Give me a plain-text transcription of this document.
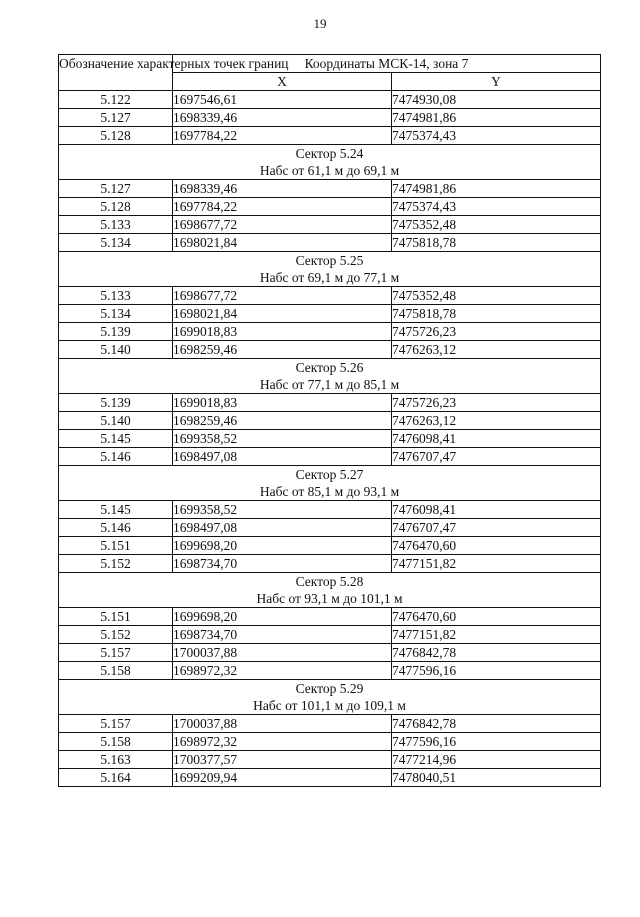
19
Обозначение характерных точек границ	Координаты МСК-14, зона 7	
	X	Y
5.122	1697546,61	7474930,08
5.127	1698339,46	7474981,86
5.128	1697784,22	7475374,43

Сектор 5.24
Набс от 61,1 м до 69,1 м		

5.127	1698339,46	7474981,86
5.128	1697784,22	7475374,43
5.133	1698677,72	7475352,48
5.134	1698021,84	7475818,78

Сектор 5.25
Набс от 69,1 м до 77,1 м		

5.133	1698677,72	7475352,48
5.134	1698021,84	7475818,78
5.139	1699018,83	7475726,23
5.140	1698259,46	7476263,12

Сектор 5.26
Набс от 77,1 м до 85,1 м		

5.139	1699018,83	7475726,23
5.140	1698259,46	7476263,12
5.145	1699358,52	7476098,41
5.146	1698497,08	7476707,47

Сектор 5.27
Набс от 85,1 м до 93,1 м		

5.145	1699358,52	7476098,41
5.146	1698497,08	7476707,47
5.151	1699698,20	7476470,60
5.152	1698734,70	7477151,82

Сектор 5.28
Набс от 93,1 м до 101,1 м		

5.151	1699698,20	7476470,60
5.152	1698734,70	7477151,82
5.157	1700037,88	7476842,78
5.158	1698972,32	7477596,16

Сектор 5.29
Набс от 101,1 м до 109,1 м		

5.157	1700037,88	7476842,78
5.158	1698972,32	7477596,16
5.163	1700377,57	7477214,96
5.164	1699209,94	7478040,51
